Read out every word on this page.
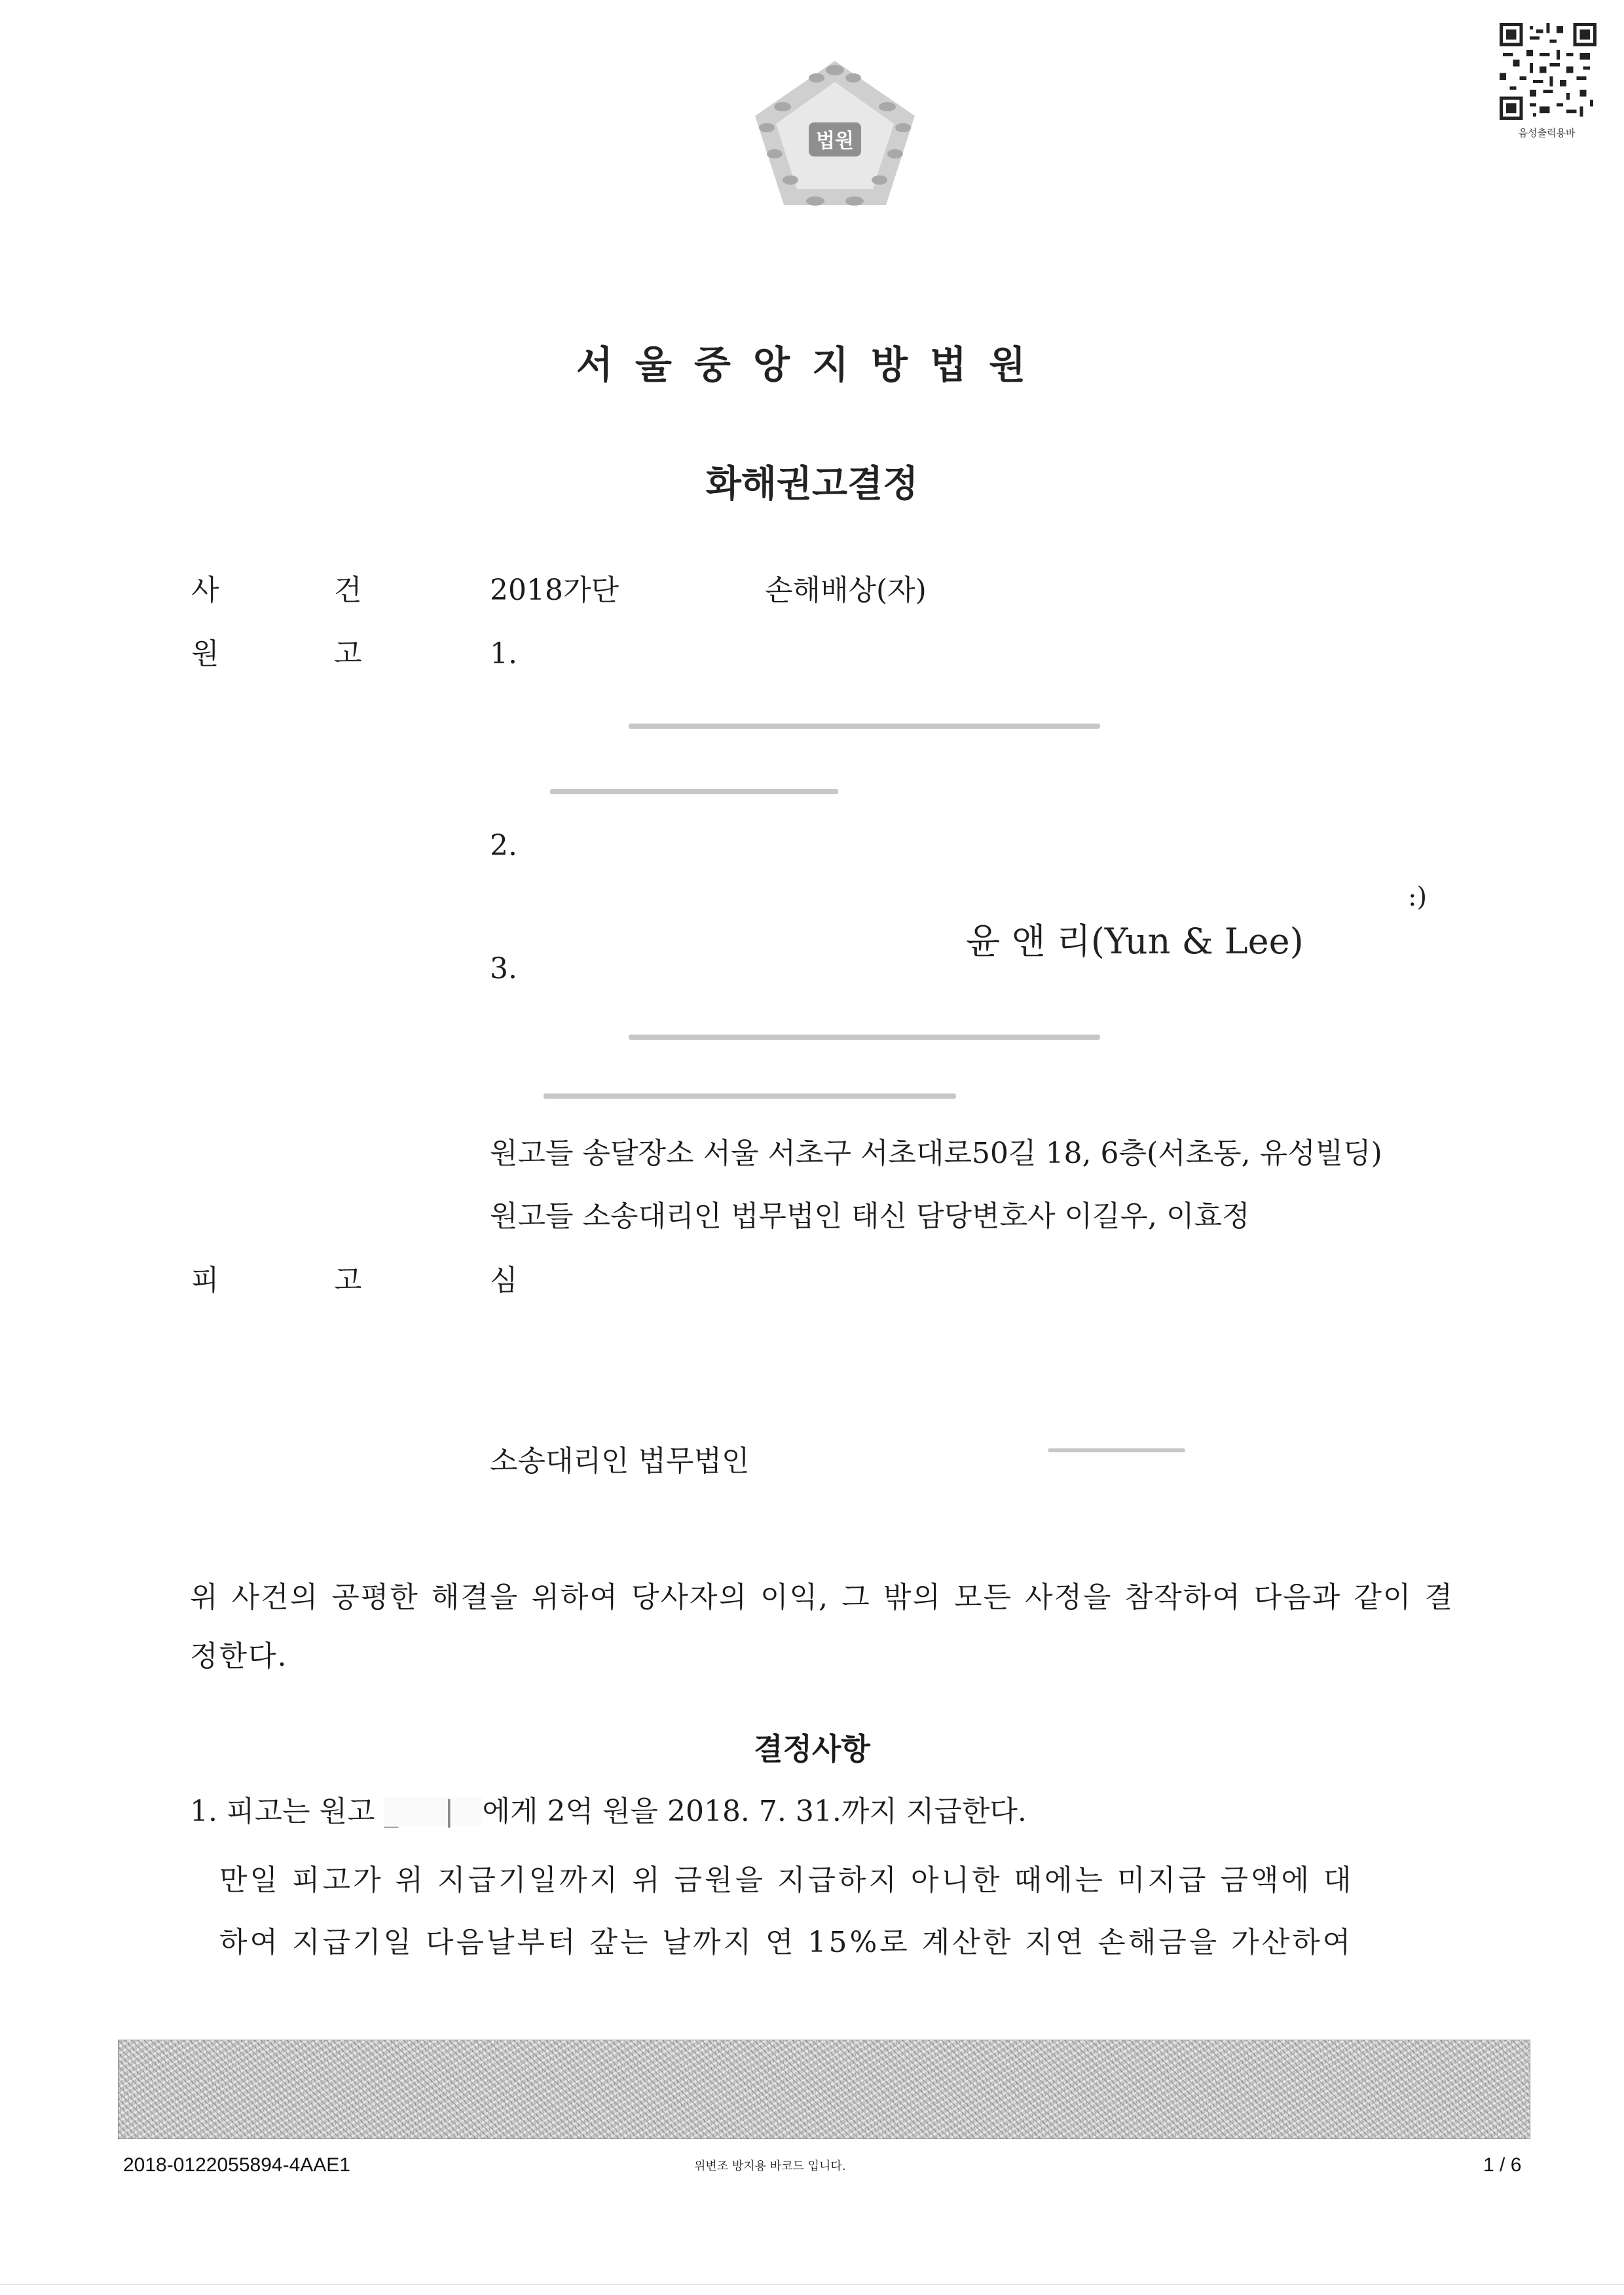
법원	음성출력용바
서울중앙지방법원
화해권고결정
사	건	2018가단	손해배상(자)
원	고	1.
2.
:)
윤 앤 리(Yun & Lee)
3.
원고들 송달장소 서울 서초구 서초대로50길 18, 6층(서초동, 유성빌딩)
원고들 소송대리인 법무법인 태신 담당변호사 이길우, 이효정
피	고	심
소송대리인 법무법인
위 사건의 공평한 해결을 위하여 당사자의 이익, 그 밖의 모든 사정을 참작하여 다음과 같이 결정한다.
결정사항
1. 피고는 원고 _     | 에게 2억 원을 2018. 7. 31.까지 지급한다.
만일 피고가 위 지급기일까지 위 금원을 지급하지 아니한 때에는 미지급 금액에 대
하여 지급기일 다음날부터 갚는 날까지 연 15%로 계산한 지연 손해금을 가산하여
2018-0122055894-4AAE1	위변조 방지용 바코드 입니다.	1 / 6
